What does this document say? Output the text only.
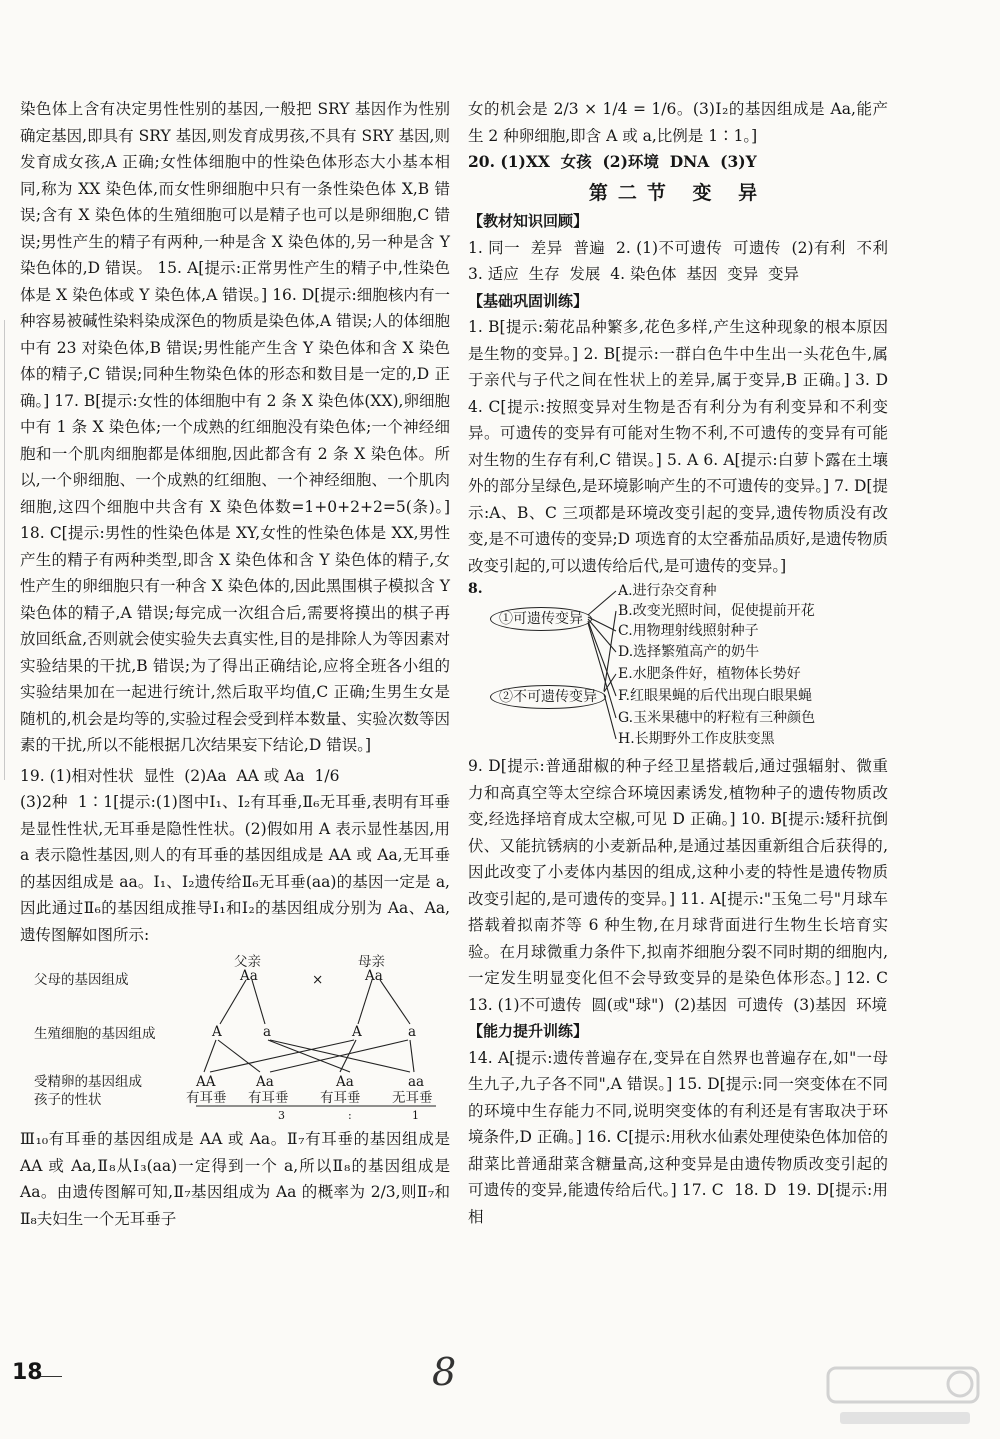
染色体上含有决定男性性别的基因,一般把 SRY 基因作为性别确定基因,即具有 SRY 基因,则发育成男孩,不具有 SRY 基因,则发育成女孩,A 正确;女性体细胞中的性染色体形态大小基本相同,称为 XX 染色体,而女性卵细胞中只有一条性染色体 X,B 错误;含有 X 染色体的生殖细胞可以是精子也可以是卵细胞,C 错误;男性产生的精子有两种,一种是含 X 染色体的,另一种是含 Y 染色体的,D 错误。 15. A[提示:正常男性产生的精子中,性染色体是 X 染色体或 Y 染色体,A 错误。] 16. D[提示:细胞核内有一种容易被碱性染料染成深色的物质是染色体,A 错误;人的体细胞中有 23 对染色体,B 错误;男性能产生含 Y 染色体和含 X 染色体的精子,C 错误;同种生物染色体的形态和数目是一定的,D 正确。] 17. B[提示:女性的体细胞中有 2 条 X 染色体(XX),卵细胞中有 1 条 X 染色体;一个成熟的红细胞没有染色体;一个神经细胞和一个肌肉细胞都是体细胞,因此都含有 2 条 X 染色体。所以,一个卵细胞、一个成熟的红细胞、一个神经细胞、一个肌肉细胞,这四个细胞中共含有 X 染色体数=1+0+2+2=5(条)。] 18. C[提示:男性的性染色体是 XY,女性的性染色体是 XX,男性产生的精子有两种类型,即含 X 染色体和含 Y 染色体的精子,女性产生的卵细胞只有一种含 X 染色体的,因此黑围棋子模拟含 Y 染色体的精子,A 错误;每完成一次组合后,需要将摸出的棋子再放回纸盒,否则就会使实验失去真实性,目的是排除人为等因素对实验结果的干扰,B 错误;为了得出正确结论,应将全班各小组的实验结果加在一起进行统计,然后取平均值,C 正确;生男生女是随机的,机会是均等的,实验过程会受到样本数量、实验次数等因素的干扰,所以不能根据几次结果妄下结论,D 错误。]

19. (1)相对性状  显性  (2)Aa  AA 或 Aa  1/6

(3)2种  1∶1[提示:(1)图中Ⅰ₁、Ⅰ₂有耳垂,Ⅱ₆无耳垂,表明有耳垂是显性性状,无耳垂是隐性性状。(2)假如用 A 表示显性基因,用 a 表示隐性基因,则人的有耳垂的基因组成是 AA 或 Aa,无耳垂的基因组成是 aa。Ⅰ₁、Ⅰ₂遗传给Ⅱ₆无耳垂(aa)的基因一定是 a,因此通过Ⅱ₆的基因组成推导Ⅰ₁和Ⅰ₂的基因组成分别为 Aa、Aa,遗传图解如图所示:

父亲	母亲
父母的基因组成	Aa	×	Aa
生殖细胞的基因组成	A	a	A	a
受精卵的基因组成
孩子的性状
AA	Aa	Aa	aa
有耳垂 有耳垂 有耳垂 无耳垂
3	:	1

Ⅲ₁₀有耳垂的基因组成是 AA 或 Aa。Ⅱ₇有耳垂的基因组成是 AA 或 Aa,Ⅱ₈从Ⅰ₃(aa)一定得到一个 a,所以Ⅱ₈的基因组成是 Aa。由遗传图解可知,Ⅱ₇基因组成为 Aa 的概率为 2/3,则Ⅱ₇和Ⅱ₈夫妇生一个无耳垂子

女的机会是 2/3 × 1/4 = 1/6。(3)Ⅰ₂的基因组成是 Aa,能产生 2 种卵细胞,即含 A 或 a,比例是 1∶1。]

20. (1)XX  女孩  (2)环境  DNA  (3)Y

第二节 变 异
【教材知识回顾】

1. 同一  差异  普遍  2. (1)不可遗传  可遗传  (2)有利  不利  3. 适应  生存  发展  4. 染色体  基因  变异  变异

【基础巩固训练】

1. B[提示:菊花品种繁多,花色多样,产生这种现象的根本原因是生物的变异。] 2. B[提示:一群白色牛中生出一头花色牛,属于亲代与子代之间在性状上的差异,属于变异,B 正确。] 3. D 4. C[提示:按照变异对生物是否有利分为有利变异和不利变异。可遗传的变异有可能对生物不利,不可遗传的变异有可能对生物的生存有利,C 错误。] 5. A 6. A[提示:白萝卜露在土壤外的部分呈绿色,是环境影响产生的不可遗传的变异。] 7. D[提示:A、B、C 三项都是环境改变引起的变异,遗传物质没有改变,是不可遗传的变异;D 项选育的太空番茄品质好,是遗传物质改变引起的,可以遗传给后代,是可遗传的变异。]

8.
①可遗传变异
②不可遗传变异
A.进行杂交育种
B.改变光照时间，促使提前开花
C.用物理射线照射种子
D.选择繁殖高产的奶牛
E.水肥条件好，植物体长势好
F.红眼果蝇的后代出现白眼果蝇
G.玉米果穗中的籽粒有三种颜色
H.长期野外工作皮肤变黑

9. D[提示:普通甜椒的种子经卫星搭载后,通过强辐射、微重力和高真空等太空综合环境因素诱发,植物种子的遗传物质改变,经选择培育成太空椒,可见 D 正确。] 10. B[提示:矮秆抗倒伏、又能抗锈病的小麦新品种,是通过基因重新组合后获得的,因此改变了小麦体内基因的组成,这种小麦的特性是遗传物质改变引起的,是可遗传的变异。] 11. A[提示:"玉兔二号"月球车搭载着拟南芥等 6 种生物,在月球背面进行生物生长培育实验。在月球微重力条件下,拟南芥细胞分裂不同时期的细胞内,一定发生明显变化但不会导致变异的是染色体形态。] 12. C  13. (1)不可遗传  圆(或"球")  (2)基因  可遗传  (3)基因  环境

【能力提升训练】

14. A[提示:遗传普遍存在,变异在自然界也普遍存在,如"一母生九子,九子各不同",A 错误。] 15. D[提示:同一突变体在不同的环境中生存能力不同,说明突变体的有利还是有害取决于环境条件,D 正确。] 16. C[提示:用秋水仙素处理使染色体加倍的甜菜比普通甜菜含糖量高,这种变异是由遗传物质改变引起的可遗传的变异,能遗传给后代。] 17. C  18. D  19. D[提示:用相

18	8
